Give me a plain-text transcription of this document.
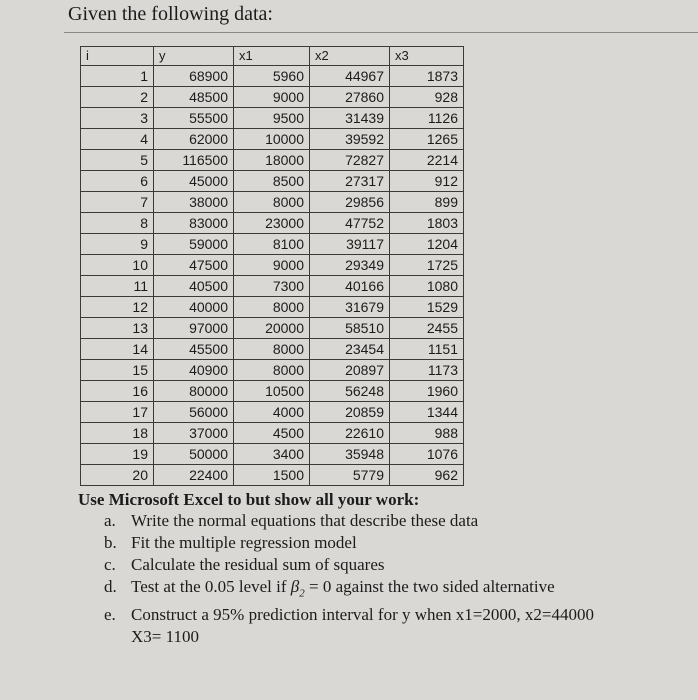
Given the following data:
i	y	x1	x2	x3
1	68900	5960	44967	1873
2	48500	9000	27860	928
3	55500	9500	31439	1126
4	62000	10000	39592	1265
5	116500	18000	72827	2214
6	45000	8500	27317	912
7	38000	8000	29856	899
8	83000	23000	47752	1803
9	59000	8100	39117	1204
10	47500	9000	29349	1725
11	40500	7300	40166	1080
12	40000	8000	31679	1529
13	97000	20000	58510	2455
14	45500	8000	23454	1151
15	40900	8000	20897	1173
16	80000	10500	56248	1960
17	56000	4000	20859	1344
18	37000	4500	22610	988
19	50000	3400	35948	1076
20	22400	1500	5779	962
Use Microsoft Excel to but show all your work:
a. Write the normal equations that describe these data
b. Fit the multiple regression model
c. Calculate the residual sum of squares
d. Test at the 0.05 level if $\beta_2 = 0$ against the two sided alternative
e. Construct a 95% prediction interval for y when x1=2000, x2=44000
X3= 1100
